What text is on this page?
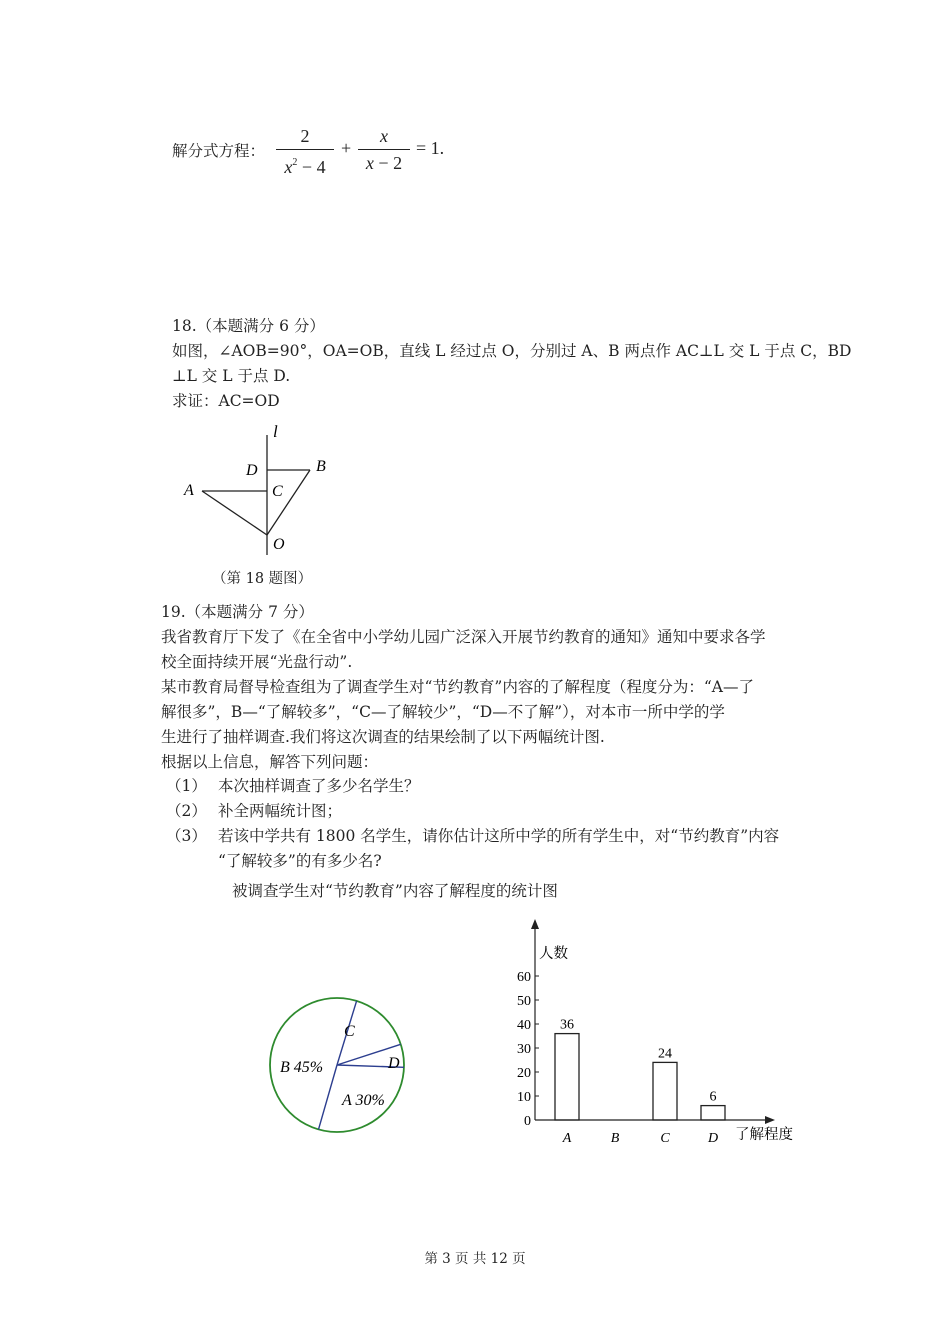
解分式方程：
2
$x^2 - 4$
+
x
x − 2
= 1.
18.（本题满分 6 分）
如图，∠AOB=90°，OA=OB，直线 L 经过点 O，分别过 A、B 两点作 AC⊥L 交 L 于点 C，BD
⊥L 交 L 于点 D.
求证：AC=OD
l
D	B
A	C
O
（第 18 题图）
19.（本题满分 7 分）
我省教育厅下发了《在全省中小学幼儿园广泛深入开展节约教育的通知》通知中要求各学
校全面持续开展“光盘行动”.
某市教育局督导检查组为了调查学生对“节约教育”内容的了解程度（程度分为：“A—了
解很多”，B—“了解较多”，“C—了解较少”，“D—不了解”），对本市一所中学的学
生进行了抽样调查.我们将这次调查的结果绘制了以下两幅统计图.
根据以上信息，解答下列问题：
（1） 本次抽样调查了多少名学生？
（2） 补全两幅统计图；
（3） 若该中学共有 1800 名学生，请你估计这所中学的所有学生中，对“节约教育”内容
“了解较多”的有多少名?
被调查学生对“节约教育”内容了解程度的统计图
B 45%
C
D
A 30%
人数
了解程度
0
10
20
30
40
50
60
36
24
6
A	B	C	D
第 3 页 共 12 页
